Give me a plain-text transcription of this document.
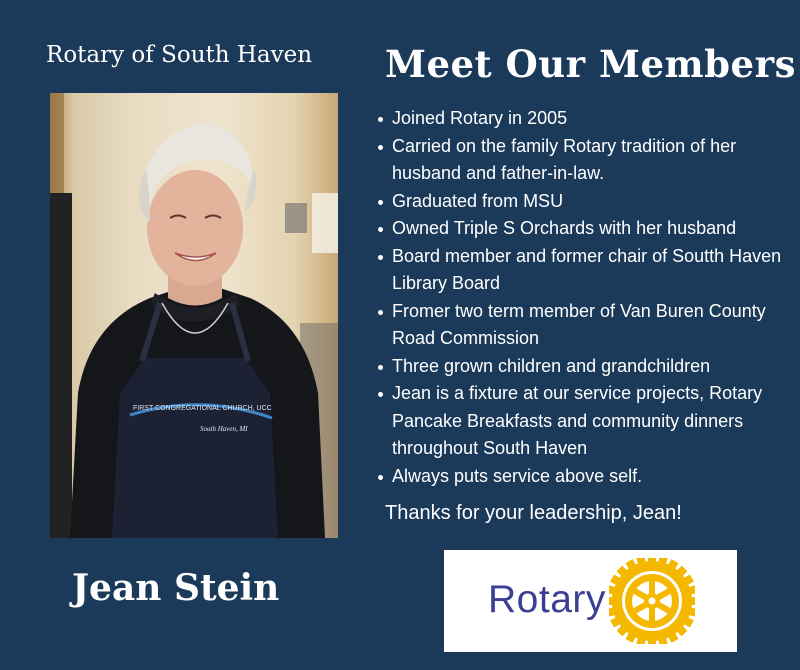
Rotary of South Haven Meet Our Members
FIRST CONGREGATIONAL CHURCH, UCC
South Haven, MI
Joined Rotary in 2005
Carried on the family Rotary tradition of her husband and father-in-law.
Graduated from MSU
Owned Triple S Orchards with her husband
Board member and former chair of Soutth Haven Library Board
Fromer two term member of Van Buren County Road Commission
Three grown children and grandchildren
Jean is a fixture at our service projects, Rotary Pancake Breakfasts and community dinners throughout South Haven
Always puts service above self.
Thanks for your leadership, Jean!
Jean Stein	Rotary
